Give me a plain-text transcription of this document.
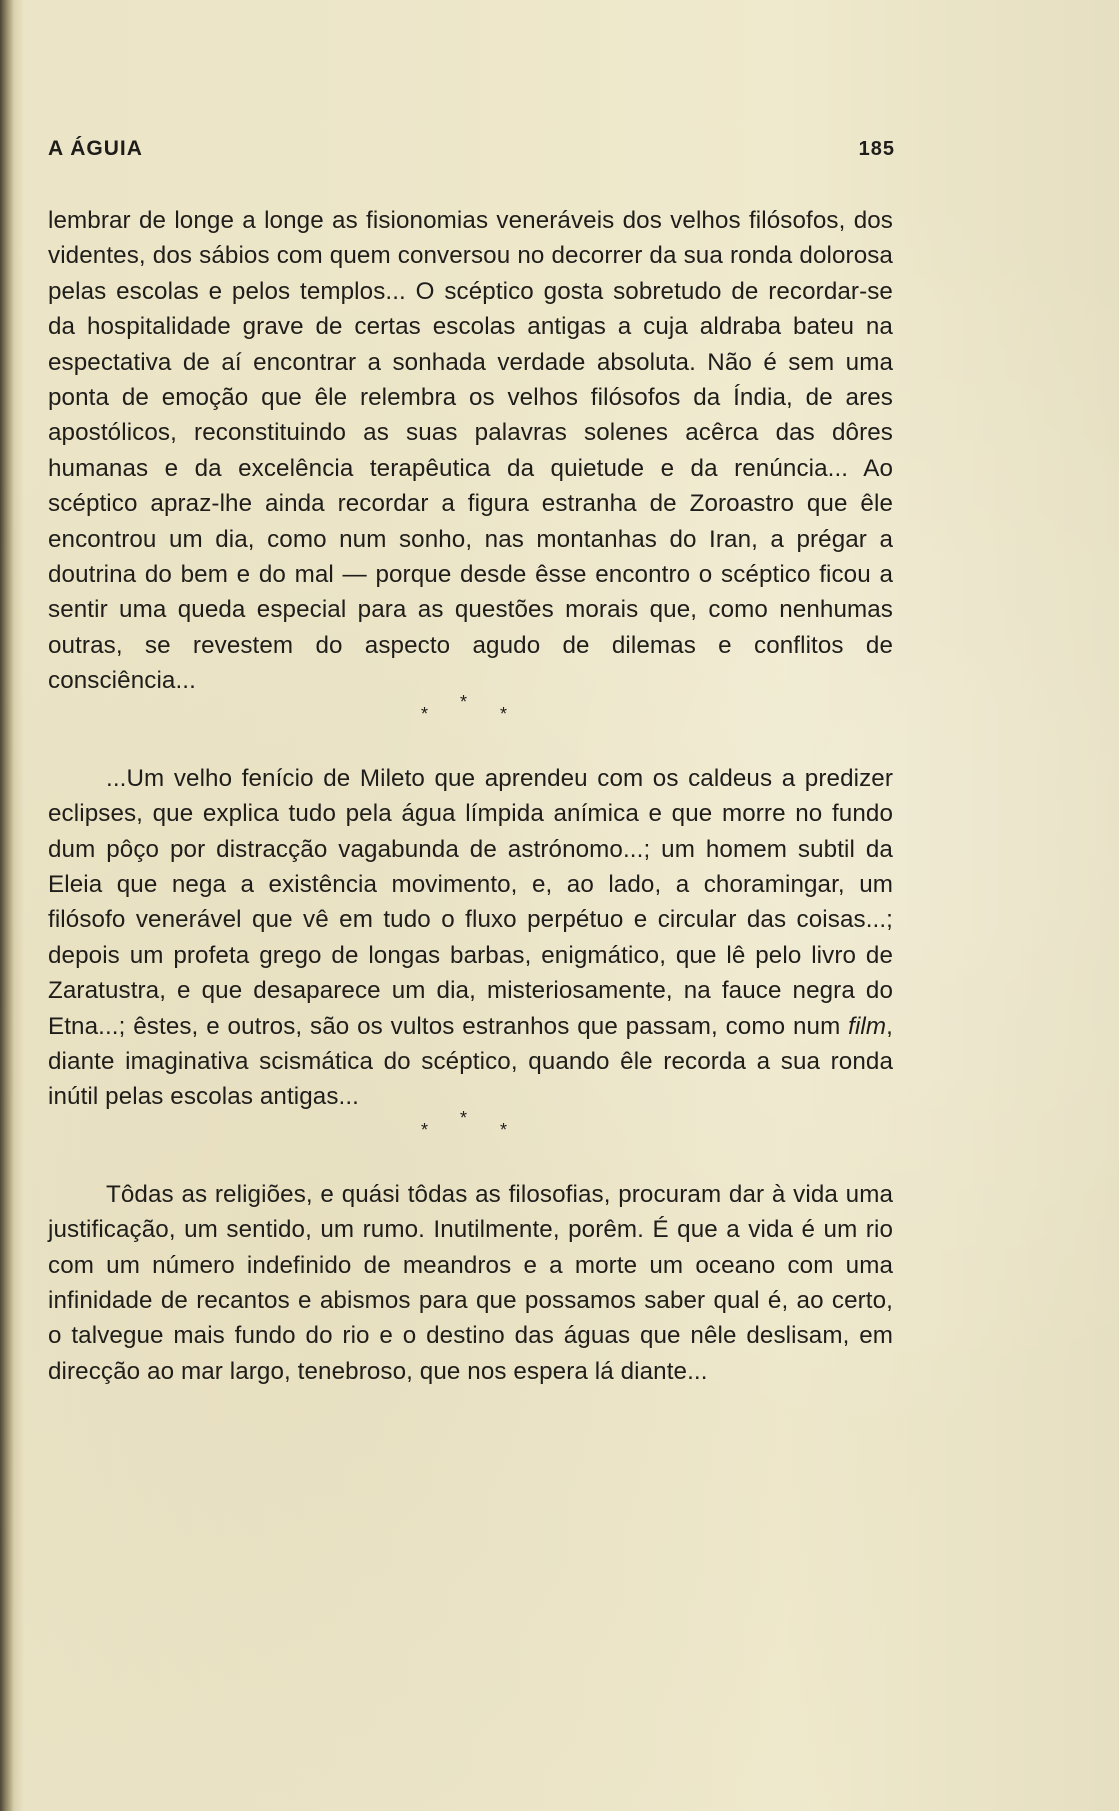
A ÁGUIA	185

lembrar de longe a longe as fisionomias veneráveis dos velhos filósofos, dos videntes, dos sábios com quem conversou no decorrer da sua ronda dolorosa pelas escolas e pelos templos... O scéptico gosta sobretudo de recordar-se da hospitalidade grave de certas escolas antigas a cuja aldraba bateu na espectativa de aí encontrar a sonhada verdade absoluta. Não é sem uma ponta de emoção que êle relembra os velhos filósofos da Índia, de ares apostólicos, reconstituindo as suas palavras solenes acêrca das dôres humanas e da excelência terapêutica da quietude e da renúncia... Ao scéptico apraz-lhe ainda recordar a figura estranha de Zoroastro que êle encontrou um dia, como num sonho, nas montanhas do Iran, a prégar a doutrina do bem e do mal — porque desde êsse encontro o scéptico ficou a sentir uma queda especial para as questões morais que, como nenhumas outras, se revestem do aspecto agudo de dilemas e conflitos de consciência...

*
*
*

...Um velho fenício de Mileto que aprendeu com os caldeus a predizer eclipses, que explica tudo pela água límpida anímica e que morre no fundo dum pôço por distracção vagabunda de astrónomo...; um homem subtil da Eleia que nega a existência movimento, e, ao lado, a choramingar, um filósofo venerável que vê em tudo o fluxo perpétuo e circular das coisas...; depois um profeta grego de longas barbas, enigmático, que lê pelo livro de Zaratustra, e que desaparece um dia, misteriosamente, na fauce negra do Etna...; êstes, e outros, são os vultos estranhos que passam, como num film, diante imaginativa scismática do scéptico, quando êle recorda a sua ronda inútil pelas escolas antigas...

*
*
*

Tôdas as religiões, e quási tôdas as filosofias, procuram dar à vida uma justificação, um sentido, um rumo. Inutilmente, porêm. É que a vida é um rio com um número indefinido de meandros e a morte um oceano com uma infinidade de recantos e abismos para que possamos saber qual é, ao certo, o talvegue mais fundo do rio e o destino das águas que nêle deslisam, em direcção ao mar largo, tenebroso, que nos espera lá diante...
